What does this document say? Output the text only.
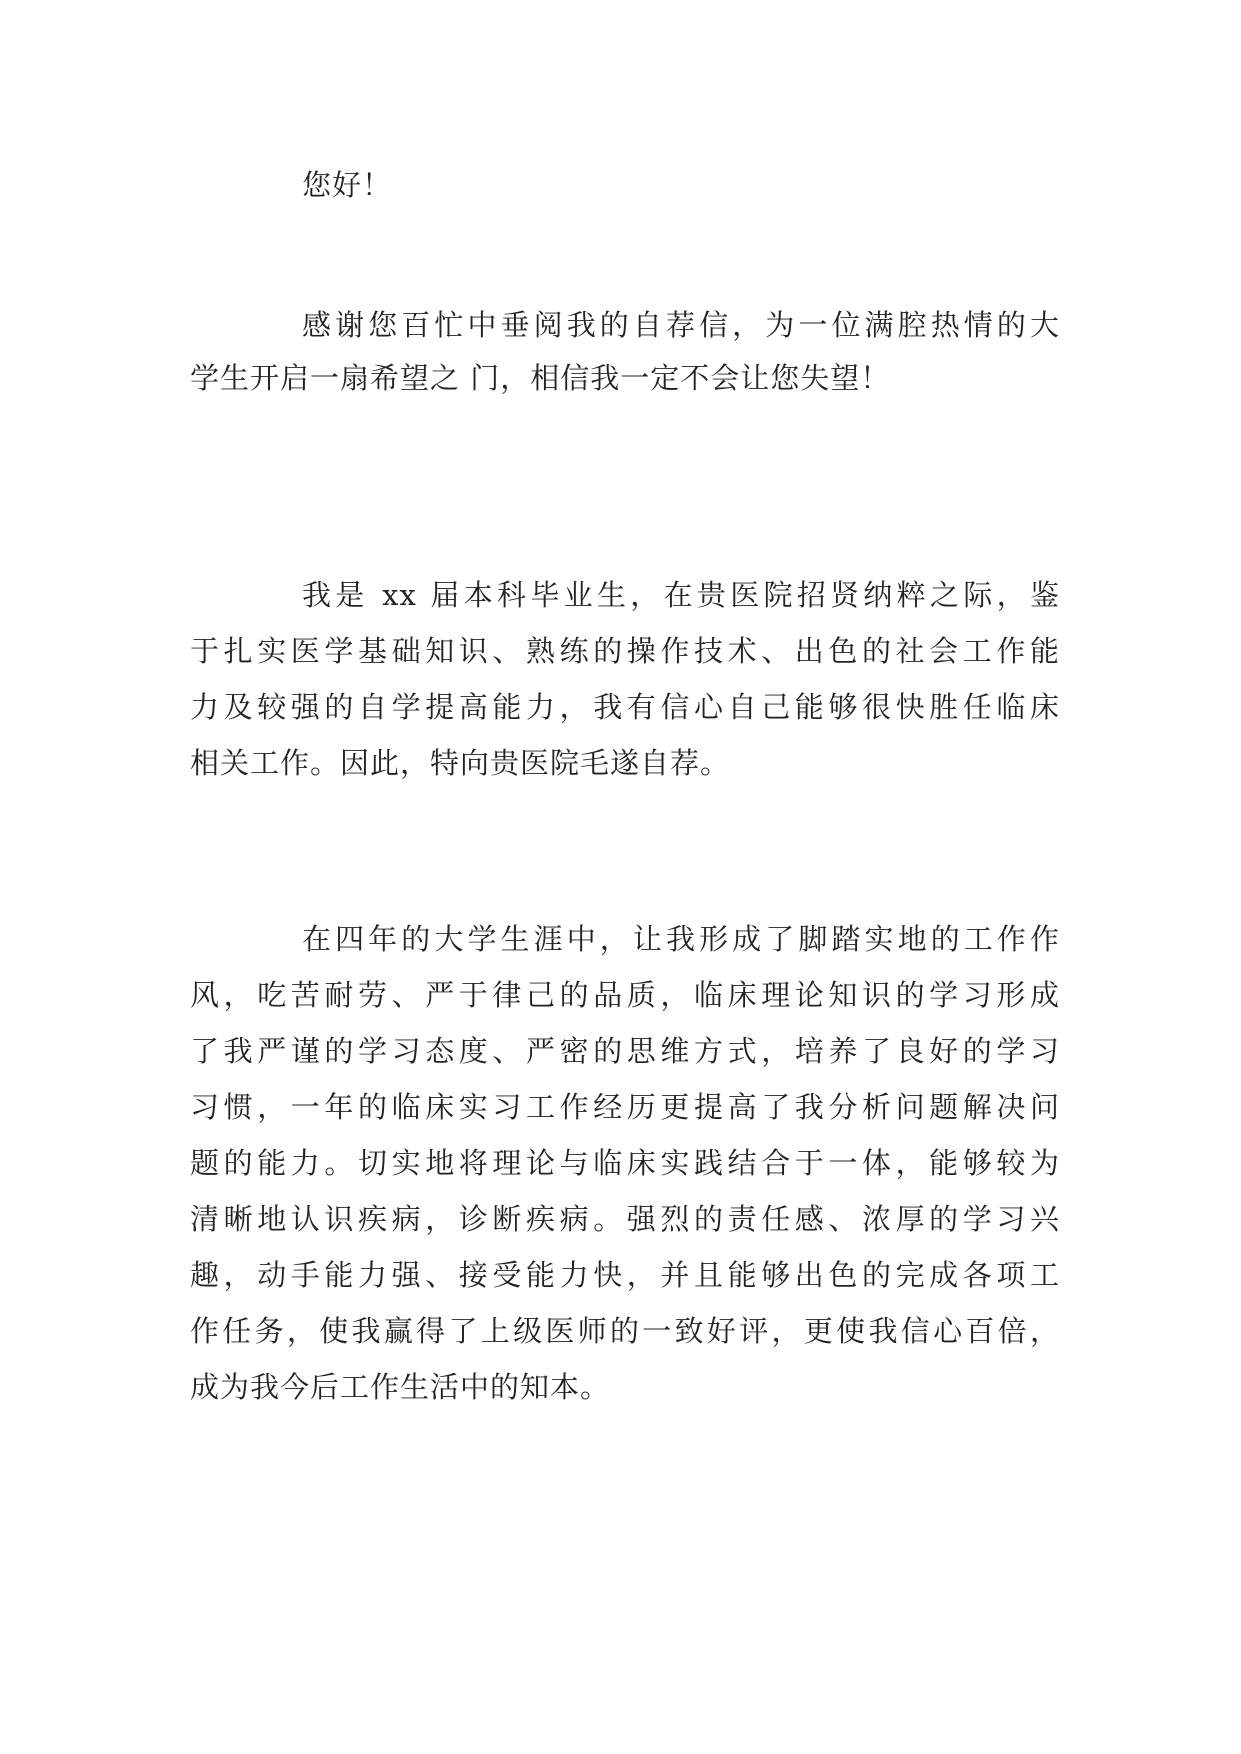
您好！
感谢您百忙中垂阅我的自荐信，为一位满腔热情的大
学生开启一扇希望之 门，相信我一定不会让您失望！
我是 xx 届本科毕业生，在贵医院招贤纳粹之际，鉴
于扎实医学基础知识、熟练的操作技术、出色的社会工作能
力及较强的自学提高能力，我有信心自己能够很快胜任临床
相关工作。因此，特向贵医院毛遂自荐。
在四年的大学生涯中，让我形成了脚踏实地的工作作
风，吃苦耐劳、严于律己的品质，临床理论知识的学习形成
了我严谨的学习态度、严密的思维方式，培养了良好的学习
习惯，一年的临床实习工作经历更提高了我分析问题解决问
题的能力。切实地将理论与临床实践结合于一体，能够较为
清晰地认识疾病，诊断疾病。强烈的责任感、浓厚的学习兴
趣，动手能力强、接受能力快，并且能够出色的完成各项工
作任务，使我赢得了上级医师的一致好评，更使我信心百倍，
成为我今后工作生活中的知本。
